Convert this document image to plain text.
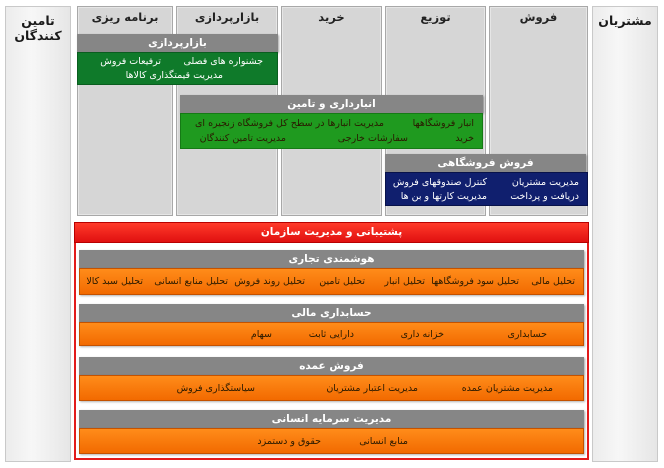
مشتریان
تامین کنندگان
فروش
توزیع
خرید
بازارپردازی
برنامه ریزی
بازارپردازی
جشنواره های فصلی
ترفیعات فروش
مدیریت قیمتگذاری کالاها
انبارداری و تامین
انبار فروشگاهها
مدیریت انبارها در سطح کل فروشگاه زنجیره ای
خرید
سفارشات خارجی
مدیریت تامین کنندگان
فروش فروشگاهی
مدیریت مشتریان
کنترل صندوقهای فروش
دریافت و پرداخت
مدیریت کارتها و بن ها
پشتیبانی و مدیریت سازمان
هوشمندی تجاری
تحلیل مالی
تحلیل سود فروشگاهها
تحلیل انبار
تحلیل تامین
تحلیل روند فروش
تحلیل منابع انسانی
تحلیل سبد کالا
حسابداری مالی
حسابداری
خزانه داری
دارایی ثابت
سهام
فروش عمده
مدیریت مشتریان عمده
مدیریت اعتبار مشتریان
سیاستگذاری فروش
مدیریت سرمایه انسانی
منابع انسانی
حقوق و دستمزد
